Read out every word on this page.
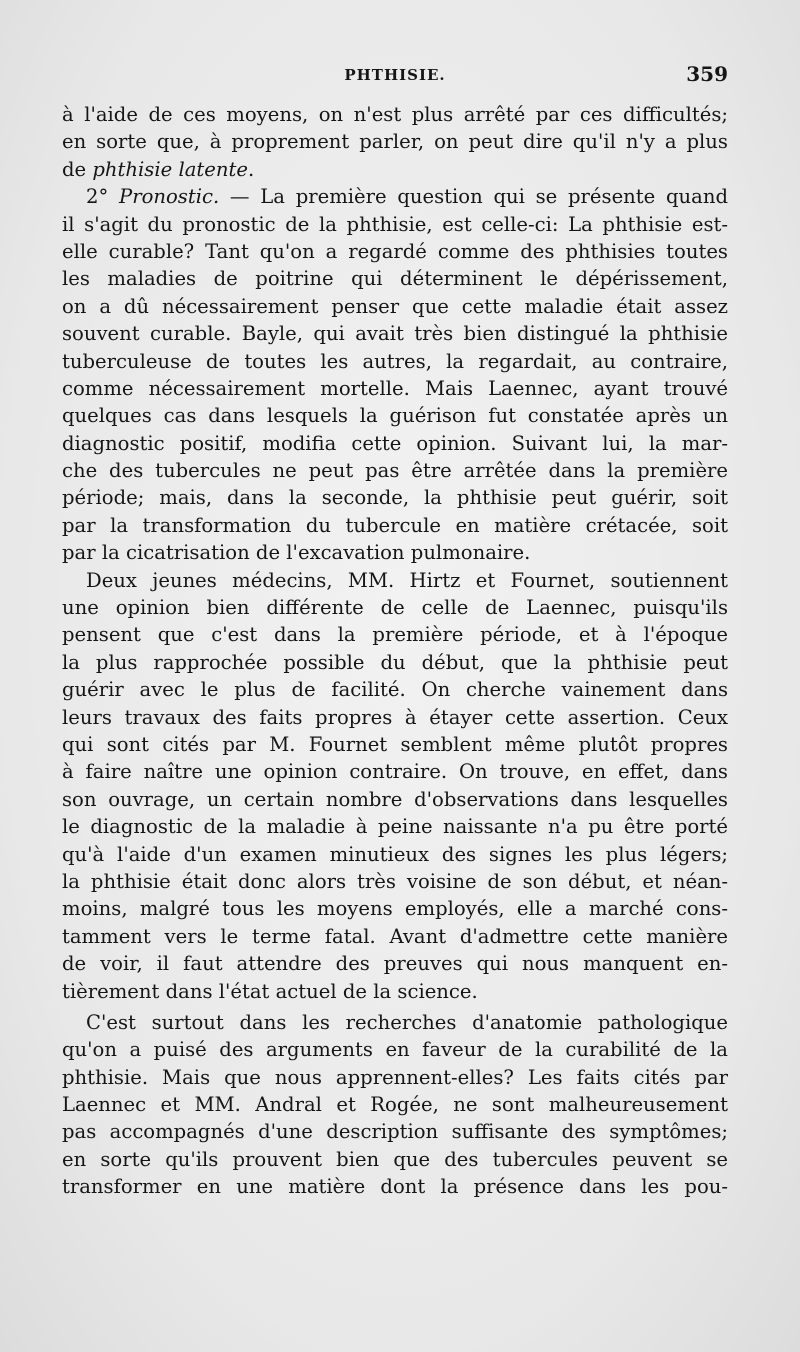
PHTHISIE.	359
à l'aide de ces moyens, on n'est plus arrêté par ces difficultés;
en sorte que, à proprement parler, on peut dire qu'il n'y a plus
de phthisie latente.
2° Pronostic. — La première question qui se présente quand
il s'agit du pronostic de la phthisie, est celle-ci: La phthisie est-
elle curable? Tant qu'on a regardé comme des phthisies toutes
les maladies de poitrine qui déterminent le dépérissement,
on a dû nécessairement penser que cette maladie était assez
souvent curable. Bayle, qui avait très bien distingué la phthisie
tuberculeuse de toutes les autres, la regardait, au contraire,
comme nécessairement mortelle. Mais Laennec, ayant trouvé
quelques cas dans lesquels la guérison fut constatée après un
diagnostic positif, modifia cette opinion. Suivant lui, la mar-
che des tubercules ne peut pas être arrêtée dans la première
période; mais, dans la seconde, la phthisie peut guérir, soit
par la transformation du tubercule en matière crétacée, soit
par la cicatrisation de l'excavation pulmonaire.
Deux jeunes médecins, MM. Hirtz et Fournet, soutiennent
une opinion bien différente de celle de Laennec, puisqu'ils
pensent que c'est dans la première période, et à l'époque
la plus rapprochée possible du début, que la phthisie peut
guérir avec le plus de facilité. On cherche vainement dans
leurs travaux des faits propres à étayer cette assertion. Ceux
qui sont cités par M. Fournet semblent même plutôt propres
à faire naître une opinion contraire. On trouve, en effet, dans
son ouvrage, un certain nombre d'observations dans lesquelles
le diagnostic de la maladie à peine naissante n'a pu être porté
qu'à l'aide d'un examen minutieux des signes les plus légers;
la phthisie était donc alors très voisine de son début, et néan-
moins, malgré tous les moyens employés, elle a marché cons-
tamment vers le terme fatal. Avant d'admettre cette manière
de voir, il faut attendre des preuves qui nous manquent en-
tièrement dans l'état actuel de la science.
C'est surtout dans les recherches d'anatomie pathologique
qu'on a puisé des arguments en faveur de la curabilité de la
phthisie. Mais que nous apprennent-elles? Les faits cités par
Laennec et MM. Andral et Rogée, ne sont malheureusement
pas accompagnés d'une description suffisante des symptômes;
en sorte qu'ils prouvent bien que des tubercules peuvent se
transformer en une matière dont la présence dans les pou-
